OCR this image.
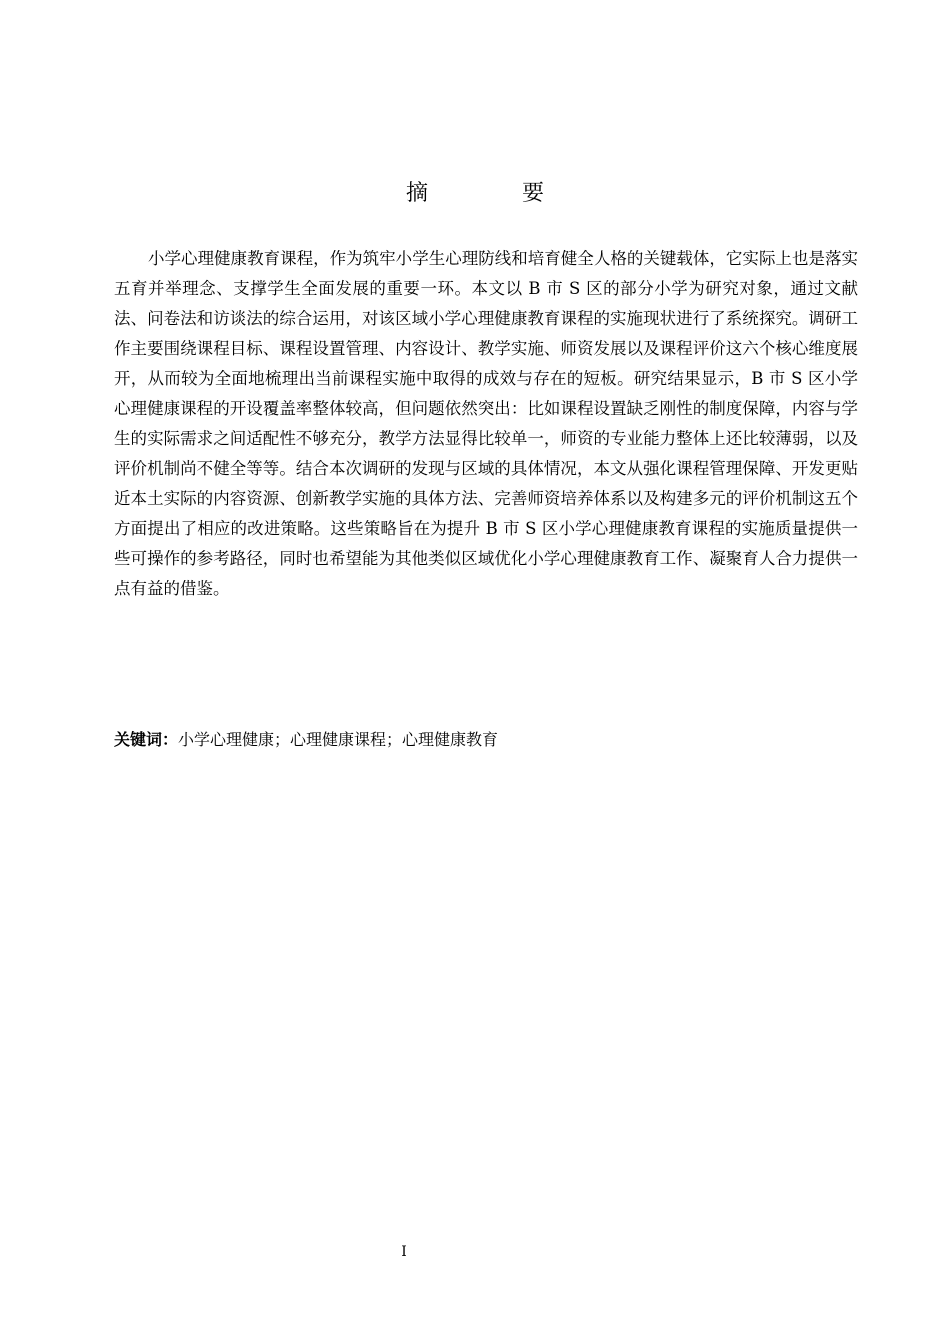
摘　要

小学心理健康教育课程，作为筑牢小学生心理防线和培育健全人格的关键载体，它实际上也是落实五育并举理念、支撑学生全面发展的重要一环。本文以 B 市 S 区的部分小学为研究对象，通过文献法、问卷法和访谈法的综合运用，对该区域小学心理健康教育课程的实施现状进行了系统探究。调研工作主要围绕课程目标、课程设置管理、内容设计、教学实施、师资发展以及课程评价这六个核心维度展开，从而较为全面地梳理出当前课程实施中取得的成效与存在的短板。研究结果显示，B 市 S 区小学心理健康课程的开设覆盖率整体较高，但问题依然突出：比如课程设置缺乏刚性的制度保障，内容与学生的实际需求之间适配性不够充分，教学方法显得比较单一，师资的专业能力整体上还比较薄弱，以及评价机制尚不健全等等。结合本次调研的发现与区域的具体情况，本文从强化课程管理保障、开发更贴近本土实际的内容资源、创新教学实施的具体方法、完善师资培养体系以及构建多元的评价机制这五个方面提出了相应的改进策略。这些策略旨在为提升 B 市 S 区小学心理健康教育课程的实施质量提供一些可操作的参考路径，同时也希望能为其他类似区域优化小学心理健康教育工作、凝聚育人合力提供一点有益的借鉴。

关键词：小学心理健康；心理健康课程；心理健康教育
I
